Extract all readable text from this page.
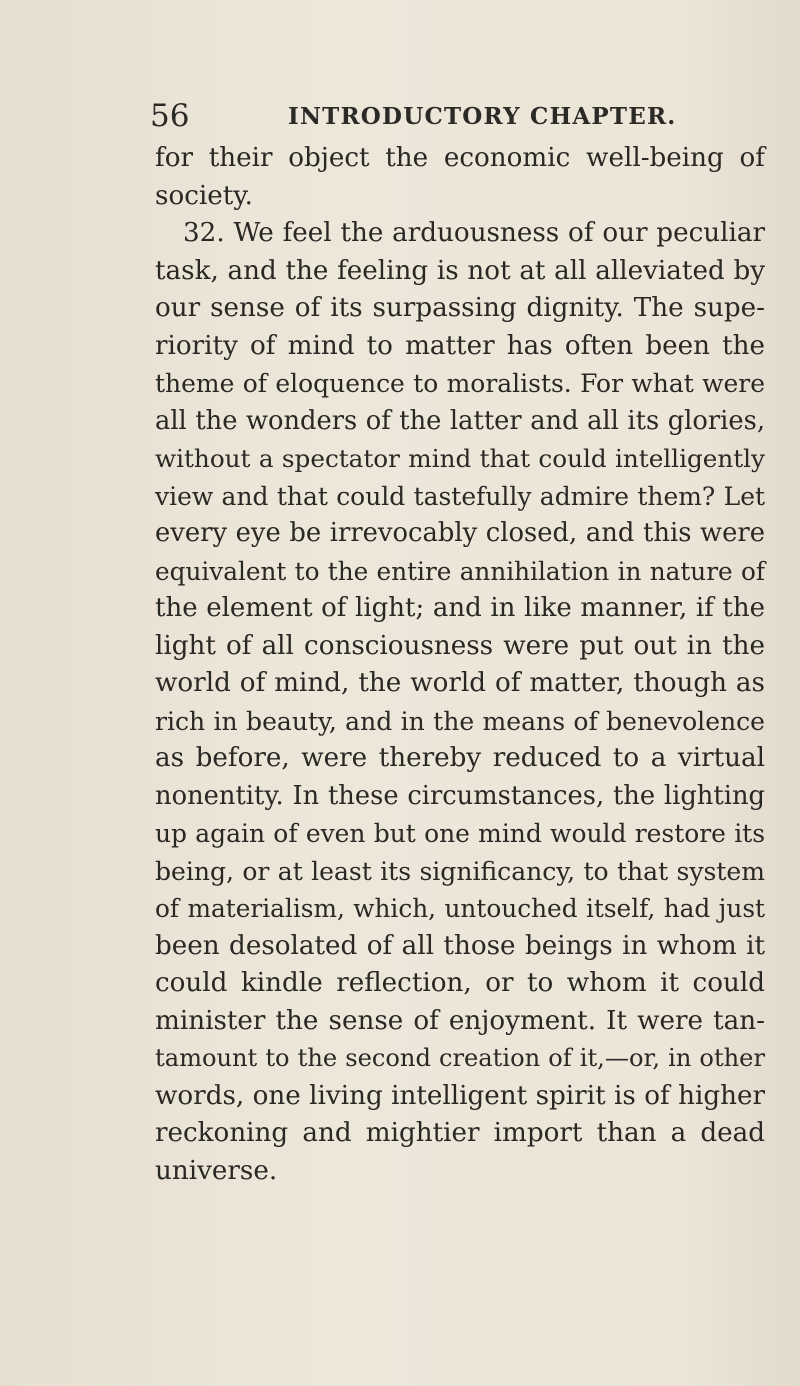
56	INTRODUCTORY CHAPTER.
for their object the economic well-being of
society.
32. We feel the arduousness of our peculiar
task, and the feeling is not at all alleviated by
our sense of its surpassing dignity. The supe-
riority of mind to matter has often been the
theme of eloquence to moralists. For what were
all the wonders of the latter and all its glories,
without a spectator mind that could intelligently
view and that could tastefully admire them? Let
every eye be irrevocably closed, and this were
equivalent to the entire annihilation in nature of
the element of light; and in like manner, if the
light of all consciousness were put out in the
world of mind, the world of matter, though as
rich in beauty, and in the means of benevolence
as before, were thereby reduced to a virtual
nonentity. In these circumstances, the lighting
up again of even but one mind would restore its
being, or at least its significancy, to that system
of materialism, which, untouched itself, had just
been desolated of all those beings in whom it
could kindle reflection, or to whom it could
minister the sense of enjoyment. It were tan-
tamount to the second creation of it,—or, in other
words, one living intelligent spirit is of higher
reckoning and mightier import than a dead
universe.
